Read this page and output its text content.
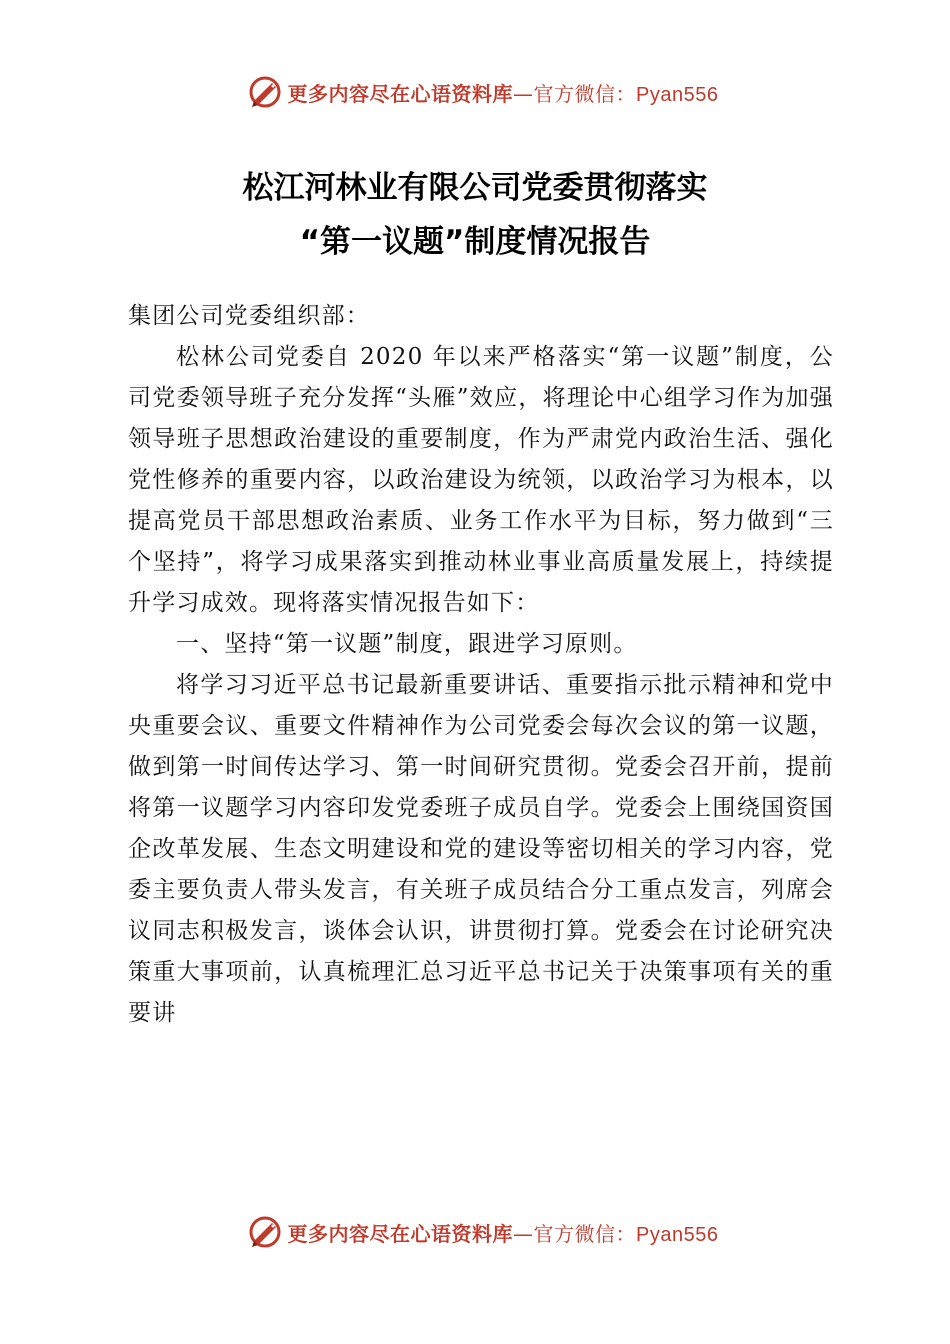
更多内容尽在心语资料库—官方微信：Pyan556
松江河林业有限公司党委贯彻落实
“第一议题”制度情况报告

集团公司党委组织部：

松林公司党委自 2020 年以来严格落实“第一议题”制度，公司党委领导班子充分发挥“头雁”效应，将理论中心组学习作为加强领导班子思想政治建设的重要制度，作为严肃党内政治生活、强化党性修养的重要内容，以政治建设为统领，以政治学习为根本，以提高党员干部思想政治素质、业务工作水平为目标，努力做到“三个坚持”，将学习成果落实到推动林业事业高质量发展上，持续提升学习成效。现将落实情况报告如下：

一、坚持“第一议题”制度，跟进学习原则。

将学习习近平总书记最新重要讲话、重要指示批示精神和党中央重要会议、重要文件精神作为公司党委会每次会议的第一议题，做到第一时间传达学习、第一时间研究贯彻。党委会召开前，提前将第一议题学习内容印发党委班子成员自学。党委会上围绕国资国企改革发展、生态文明建设和党的建设等密切相关的学习内容，党委主要负责人带头发言，有关班子成员结合分工重点发言，列席会议同志积极发言，谈体会认识，讲贯彻打算。党委会在讨论研究决策重大事项前，认真梳理汇总习近平总书记关于决策事项有关的重要讲

更多内容尽在心语资料库—官方微信：Pyan556
